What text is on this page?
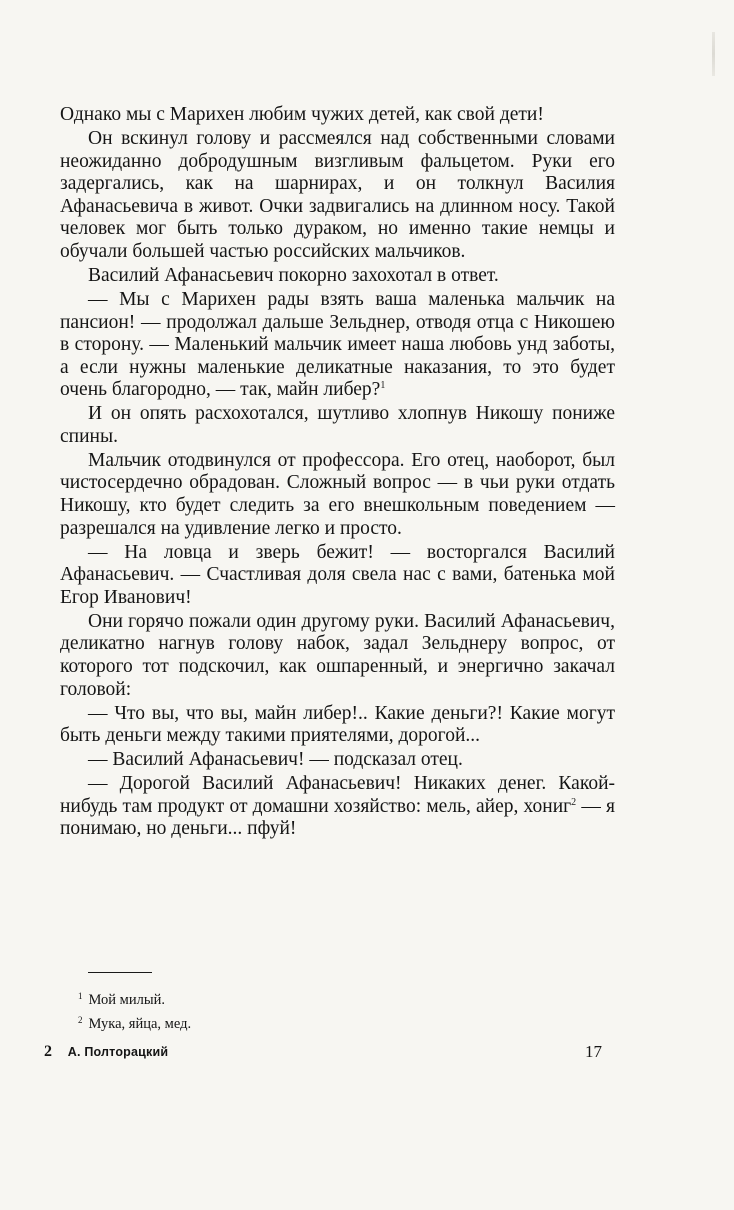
Однако мы с Марихен любим чужих детей, как свой дети!

Он вскинул голову и рассмеялся над собственными словами неожиданно добродушным визгливым фальцетом. Руки его задергались, как на шарнирах, и он толкнул Василия Афанасьевича в живот. Очки задвигались на длинном носу. Такой человек мог быть только дураком, но именно такие немцы и обучали большей частью российских мальчиков.

Василий Афанасьевич покорно захохотал в ответ.

— Мы с Марихен рады взять ваша маленька мальчик на пансион! — продолжал дальше Зельднер, отводя отца с Никошею в сторону. — Маленький мальчик имеет наша любовь унд заботы, а если нужны маленькие деликатные наказания, то это будет очень благородно, — так, майн либер?$^1$

И он опять расхохотался, шутливо хлопнув Никошу пониже спины.

Мальчик отодвинулся от профессора. Его отец, наоборот, был чистосердечно обрадован. Сложный вопрос — в чьи руки отдать Никошу, кто будет следить за его внешкольным поведением — разрешался на удивление легко и просто.

— На ловца и зверь бежит! — восторгался Василий Афанасьевич. — Счастливая доля свела нас с вами, батенька мой Егор Иванович!

Они горячо пожали один другому руки. Василий Афанасьевич, деликатно нагнув голову набок, задал Зельднеру вопрос, от которого тот подскочил, как ошпаренный, и энергично закачал головой:

— Что вы, что вы, майн либер!.. Какие деньги?! Какие могут быть деньги между такими приятелями, дорогой...

— Василий Афанасьевич! — подсказал отец.

— Дорогой Василий Афанасьевич! Никаких денег. Какой-нибудь там продукт от домашни хозяйство: мель, айер, хониг$^2$ — я понимаю, но деньги... пфуй!

$^1$ Мой милый.

$^2$ Мука, яйца, мед.

2 А. Полторацкий	17
